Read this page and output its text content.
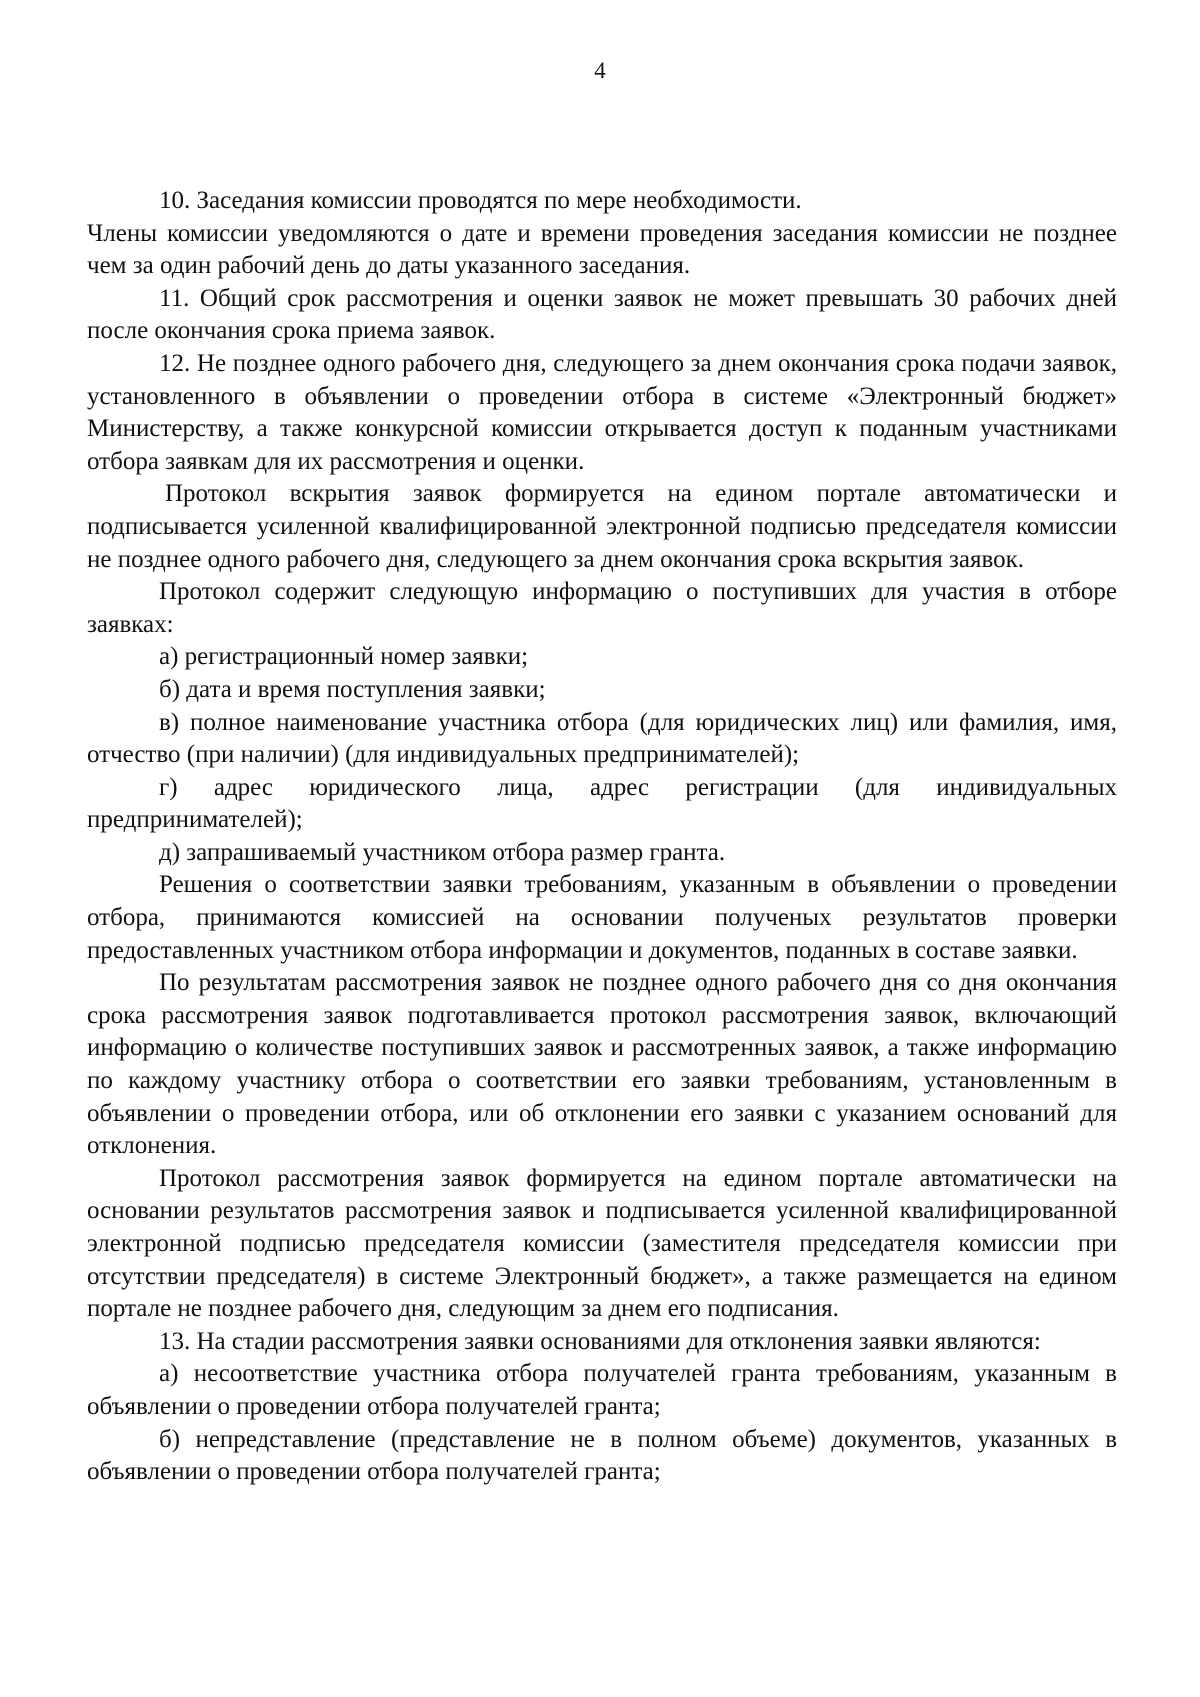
4

10. Заседания комиссии проводятся по мере необходимости.

Члены комиссии уведомляются о дате и времени проведения заседания комиссии не позднее чем за один рабочий день до даты указанного заседания.

11. Общий срок рассмотрения и оценки заявок не может превышать 30 рабочих дней после окончания срока приема заявок.

12. Не позднее одного рабочего дня, следующего за днем окончания срока подачи заявок, установленного в объявлении о проведении отбора в системе «Электронный бюджет» Министерству, а также конкурсной комиссии открывается доступ к поданным участниками отбора заявкам для их рассмотрения и оценки.

Протокол вскрытия заявок формируется на едином портале автоматически и подписывается усиленной квалифицированной электронной подписью председателя комиссии не позднее одного рабочего дня, следующего за днем окончания срока вскрытия заявок.

Протокол содержит следующую информацию о поступивших для участия в отборе заявках:

а) регистрационный номер заявки;

б) дата и время поступления заявки;

в) полное наименование участника отбора (для юридических лиц) или фамилия, имя, отчество (при наличии) (для индивидуальных предпринимателей);

г) адрес юридического лица, адрес регистрации (для индивидуальных предпринимателей);

д) запрашиваемый участником отбора размер гранта.

Решения о соответствии заявки требованиям, указанным в объявлении о проведении отбора, принимаются комиссией на основании полученых результатов проверки предоставленных участником отбора информации и документов, поданных в составе заявки.

По результатам рассмотрения заявок не позднее одного рабочего дня со дня окончания срока рассмотрения заявок подготавливается протокол рассмотрения заявок, включающий информацию о количестве поступивших заявок и рассмотренных заявок, а также информацию по каждому участнику отбора о соответствии его заявки требованиям, установленным в объявлении о проведении отбора, или об отклонении его заявки с указанием оснований для отклонения.

Протокол рассмотрения заявок формируется на едином портале автоматически на основании результатов рассмотрения заявок и подписывается усиленной квалифицированной электронной подписью председателя комиссии (заместителя председателя комиссии при отсутствии председателя) в системе Электронный бюджет», а также размещается на едином портале не позднее рабочего дня, следующим за днем его подписания.

13. На стадии рассмотрения заявки основаниями для отклонения заявки являются:

а) несоответствие участника отбора получателей гранта требованиям, указанным в объявлении о проведении отбора получателей гранта;

б) непредставление (представление не в полном объеме) документов, указанных в объявлении о проведении отбора получателей гранта;
